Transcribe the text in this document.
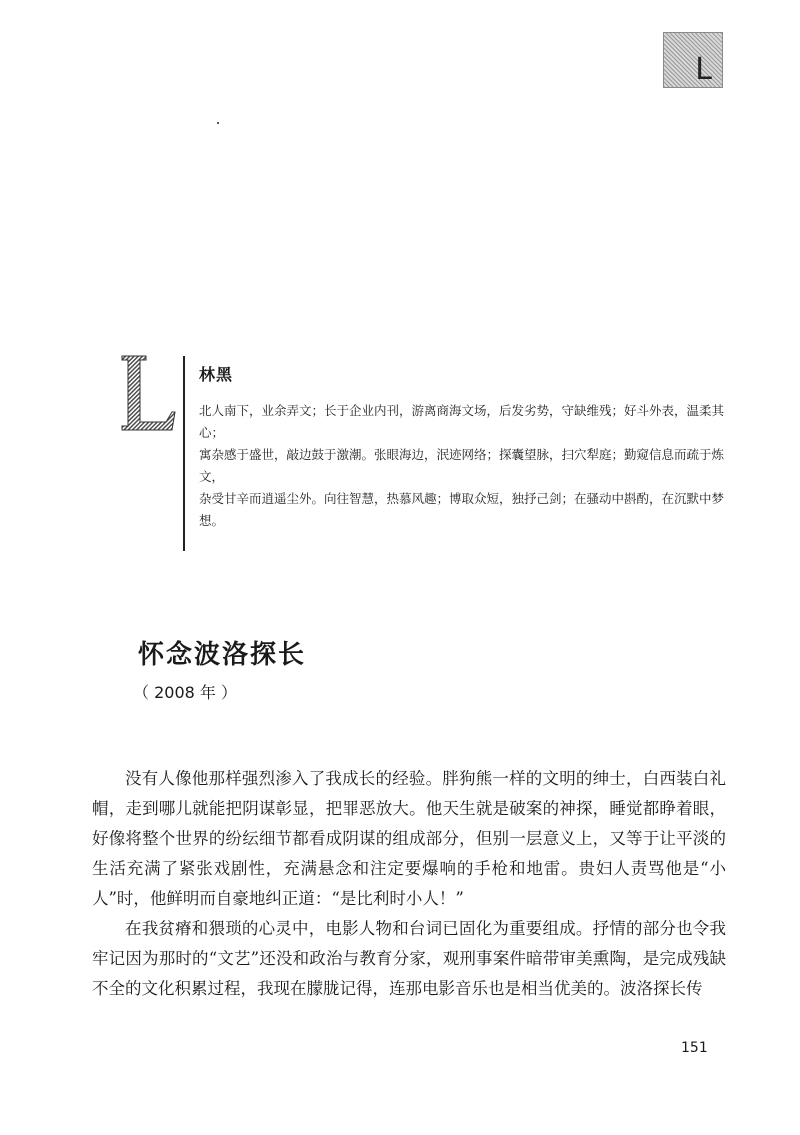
L
L
林黑

北人南下，业余弄文；长于企业内刊，游离商海文场，后发劣势，守缺维残；好斗外表，温柔其心；

寓杂感于盛世，敲边鼓于激潮。张眼海边，泯迹网络；探囊望脉，扫穴犁庭；勤窥信息而疏于炼文，

杂受甘辛而逍遥尘外。向往智慧，热慕风趣；博取众短，独抒己剑；在骚动中斟酌，在沉默中梦想。

怀念波洛探长
（ 2008 年 ）

没有人像他那样强烈渗入了我成长的经验。胖狗熊一样的文明的绅士，白西装白礼帽，走到哪儿就能把阴谋彰显，把罪恶放大。他天生就是破案的神探，睡觉都睁着眼，好像将整个世界的纷纭细节都看成阴谋的组成部分，但别一层意义上，又等于让平淡的生活充满了紧张戏剧性，充满悬念和注定要爆响的手枪和地雷。贵妇人责骂他是“小人”时，他鲜明而自豪地纠正道：“是比利时小人！”

在我贫瘠和猥琐的心灵中，电影人物和台词已固化为重要组成。抒情的部分也令我牢记因为那时的“文艺”还没和政治与教育分家，观刑事案件暗带审美熏陶，是完成残缺不全的文化积累过程，我现在朦胧记得，连那电影音乐也是相当优美的。波洛探长传

151
